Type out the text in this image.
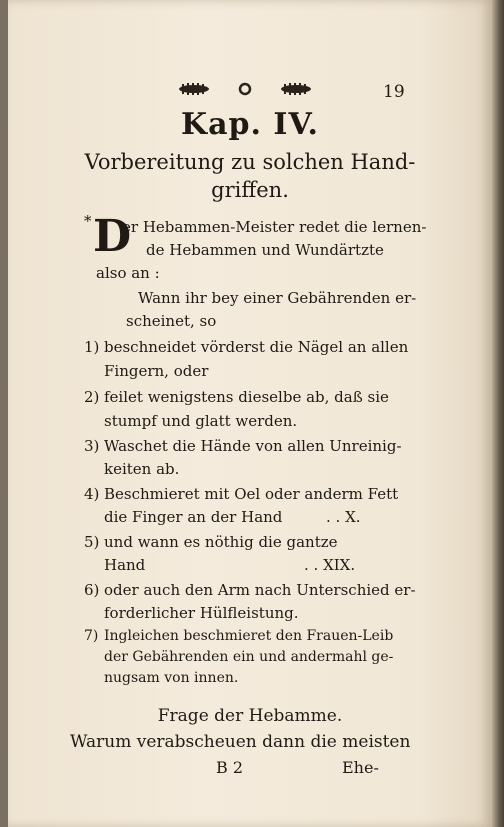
19
Kap. IV.
Vorbereitung zu solchen Hand-
griffen.
* D
er Hebammen-Meister redet die lernen-
de Hebammen und Wundärtzte
also an :
Wann ihr bey einer Gebährenden er-
scheinet, so
1) beschneidet vörderst die Nägel an allen
Fingern, oder
2) feilet wenigstens dieselbe ab, daß sie
stumpf und glatt werden.
3) Waschet die Hände von allen Unreinig-
keiten ab.
4) Beschmieret mit Oel oder anderm Fett
die Finger an der Hand	. . X.
5) und wann es nöthig die gantze
Hand	. . XIX.
6) oder auch den Arm nach Unterschied er-
forderlicher Hülfleistung.
7) Ingleichen beschmieret den Frauen-Leib
Frage der Hebamme.
Warum verabscheuen dann die meisten
B 2	Ehe-
der Gebährenden ein und andermahl ge-
nugsam von innen.
